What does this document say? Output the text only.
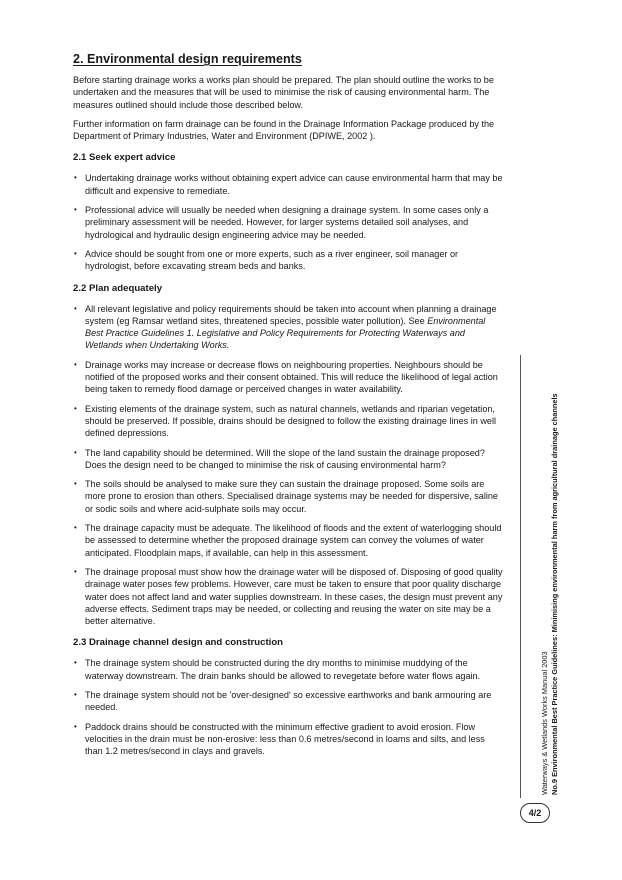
2. Environmental design requirements

Before starting drainage works a works plan should be prepared. The plan should outline the works to be undertaken and the measures that will be used to minimise the risk of causing environmental harm. The measures outlined should include those described below.

Further information on farm drainage can be found in the Drainage Information Package produced by the Department of Primary Industries, Water and Environment (DPIWE, 2002 ).

2.1 Seek expert advice
• Undertaking drainage works without obtaining expert advice can cause environmental harm that may be difficult and expensive to remediate.
• Professional advice will usually be needed when designing a drainage system. In some cases only a preliminary assessment will be needed. However, for larger systems detailed soil analyses, and hydrological and hydraulic design engineering advice may be needed.
• Advice should be sought from one or more experts, such as a river engineer, soil manager or hydrologist, before excavating stream beds and banks.
2.2 Plan adequately
• All relevant legislative and policy requirements should be taken into account when planning a drainage system (eg Ramsar wetland sites, threatened species, possible water pollution). See Environmental Best Practice Guidelines 1. Legislative and Policy Requirements for Protecting Waterways and Wetlands when Undertaking Works.
• Drainage works may increase or decrease flows on neighbouring properties. Neighbours should be notified of the proposed works and their consent obtained. This will reduce the likelihood of legal action being taken to remedy flood damage or perceived changes in water availability.
• Existing elements of the drainage system, such as natural channels, wetlands and riparian vegetation, should be preserved. If possible, drains should be designed to follow the existing drainage lines in well defined depressions.
• The land capability should be determined. Will the slope of the land sustain the drainage proposed? Does the design need to be changed to minimise the risk of causing environmental harm?
• The soils should be analysed to make sure they can sustain the drainage proposed. Some soils are more prone to erosion than others. Specialised drainage systems may be needed for dispersive, saline or sodic soils and where acid-sulphate soils may occur.
• The drainage capacity must be adequate. The likelihood of floods and the extent of waterlogging should be assessed to determine whether the proposed drainage system can convey the volumes of water anticipated. Floodplain maps, if available, can help in this assessment.
• The drainage proposal must show how the drainage water will be disposed of. Disposing of good quality drainage water poses few problems. However, care must be taken to ensure that poor quality discharge water does not affect land and water supplies downstream. In these cases, the design must prevent any adverse effects. Sediment traps may be needed, or collecting and reusing the water on site may be a better alternative.
2.3 Drainage channel design and construction
• The drainage system should be constructed during the dry months to minimise muddying of the waterway downstream. The drain banks should be allowed to revegetate before water flows again.
• The drainage system should not be 'over-designed' so excessive earthworks and bank armouring are needed.
• Paddock drains should be constructed with the minimum effective gradient to avoid erosion. Flow velocities in the drain must be non-erosive: less than 0.6 metres/second in loams and silts, and less than 1.2 metres/second in clays and gravels.	Waterways & Wetlands Works Manual 2003 No.9 Environmental Best Practice Guidelines: Minimising environmental harm from agricultural drainage channels
4/2
